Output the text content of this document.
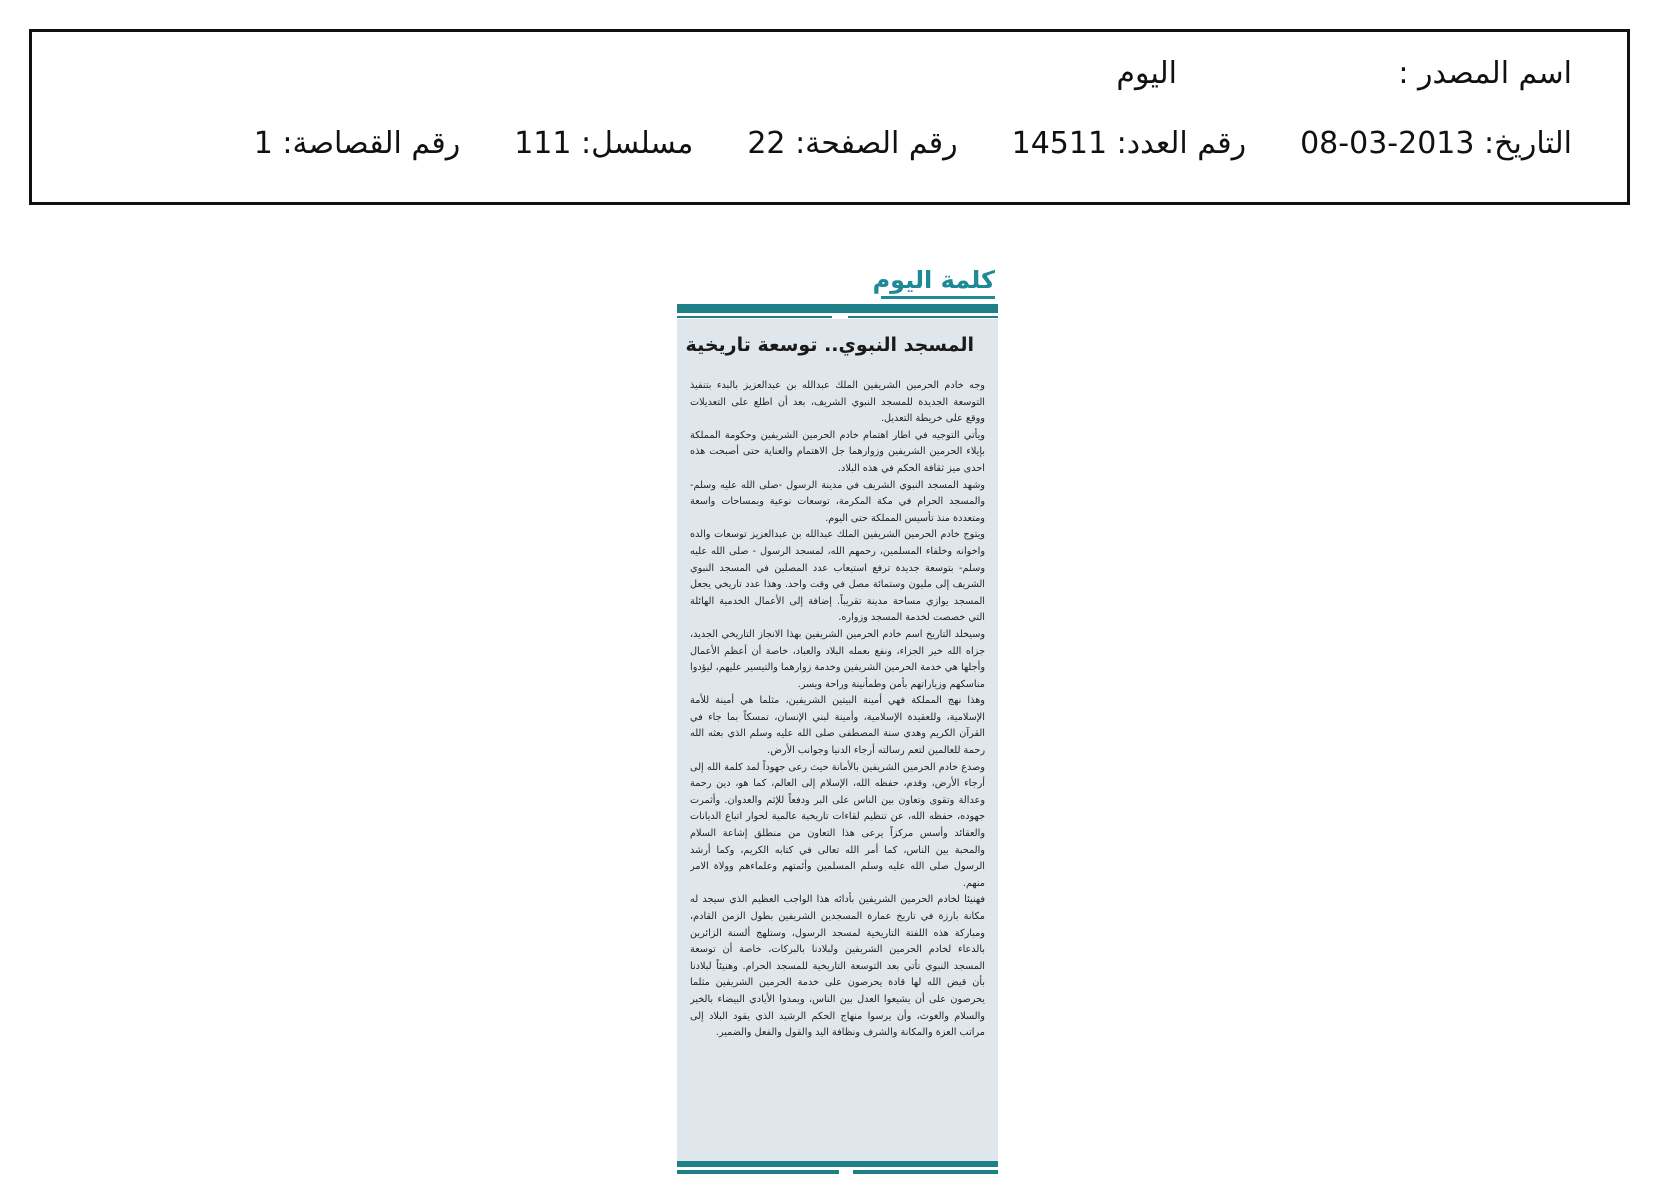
اسم المصدر :
اليوم
التاريخ: 2013-03-08
رقم العدد: 14511
رقم الصفحة: 22
مسلسل: 111
رقم القصاصة: 1
كلمة اليوم
المسجد النبوي.. توسعة تاريخية

وجه خادم الحرمين الشريفين الملك عبدالله بن عبدالعزيز بالبدء بتنفيذ التوسعة الجديدة للمسجد النبوي الشريف، بعد أن اطلع على التعديلات ووقع على خريطة التعديل.

ويأتي التوجيه في اطار اهتمام خادم الحرمين الشريفين وحكومة المملكة بإيلاء الحرمين الشريفين وزوارهما جل الاهتمام والعناية حتى أصبحت هذه احدى ميز ثقافة الحكم في هذه البلاد.

وشهد المسجد النبوي الشريف في مدينة الرسول -صلى الله عليه وسلم- والمسجد الحرام في مكة المكرمة، توسعات نوعية وبمساحات واسعة ومتعددة منذ تأسيس المملكة حتى اليوم.

ويتوج خادم الحرمين الشريفين الملك عبدالله بن عبدالعزيز توسعات والده واخوانه وخلفاء المسلمين، رحمهم الله، لمسجد الرسول - صلى الله عليه وسلم- بتوسعة جديدة ترفع استيعاب عدد المصلين في المسجد النبوي الشريف إلى مليون وستمائة مصل في وقت واحد. وهذا عدد تاريخي يجعل المسجد يوازي مساحة مدينة تقريباً. إضافة إلى الأعمال الخدمية الهائلة التي خصصت لخدمة المسجد وزواره.

وسيخلد التاريخ اسم خادم الحرمين الشريفين بهذا الانجاز التاريخي الجديد، جزاه الله خير الجزاء، ونفع بعمله البلاد والعباد، خاصة أن أعظم الأعمال وأجلها هي خدمة الحرمين الشريفين وخدمة زوارهما والتيسير عليهم، ليؤدوا مناسكهم وزياراتهم بأمن وطمأنينة وراحة ويسر.

وهذا نهج المملكة فهي أمينة البيتين الشريفين، مثلما هي أمينة للأمة الإسلامية، وللعقيدة الإسلامية، وأمينة لبني الإنسان، تمسكاً بما جاء في القرآن الكريم وهدي سنة المصطفى صلى الله عليه وسلم الذي بعثه الله رحمة للعالمين لتعم رسالته أرجاء الدنيا وجوانب الأرض.

وصدع خادم الحرمين الشريفين بالأمانة حيث رعى جهوداً لمد كلمة الله إلى أرجاء الأرض، وقدم، حفظه الله، الإسلام إلى العالم، كما هو، دين رحمة وعدالة وتقوى وتعاون بين الناس على البر ودفعاً للإثم والعدوان. وأثمرت جهوده، حفظه الله، عن تنظيم لقاءات تاريخية عالمية لحوار اتباع الديانات والعقائد وأسس مركزاً يرعى هذا التعاون من منطلق إشاعة السلام والمحبة بين الناس، كما أمر الله تعالى في كتابه الكريم، وكما أرشد الرسول صلى الله عليه وسلم المسلمين وأئمتهم وعلماءهم وولاة الامر منهم.

فهنيئا لخادم الحرمين الشريفين بأدائه هذا الواجب العظيم الذي سيجد له مكانة بارزة في تاريخ عمارة المسجدين الشريفين بطول الزمن القادم، ومباركة هذه اللفتة التاريخية لمسجد الرسول، وستلهج ألسنة الزائرين بالدعاء لخادم الحرمين الشريفين ولبلادنا بالبركات، خاصة أن توسعة المسجد النبوي تأتي بعد التوسعة التاريخية للمسجد الحرام. وهنيئاً لبلادنا بأن قيض الله لها قادة يحرصون على خدمة الحرمين الشريفين مثلما يحرصون على أن يشيعوا العدل بين الناس، ويمدوا الأيادي البيضاء بالخير والسلام والغوث، وأن يرسوا منهاج الحكم الرشيد الذي يقود البلاد إلى مراتب العزة والمكانة والشرف ونظافة اليد والقول والفعل والضمير.
